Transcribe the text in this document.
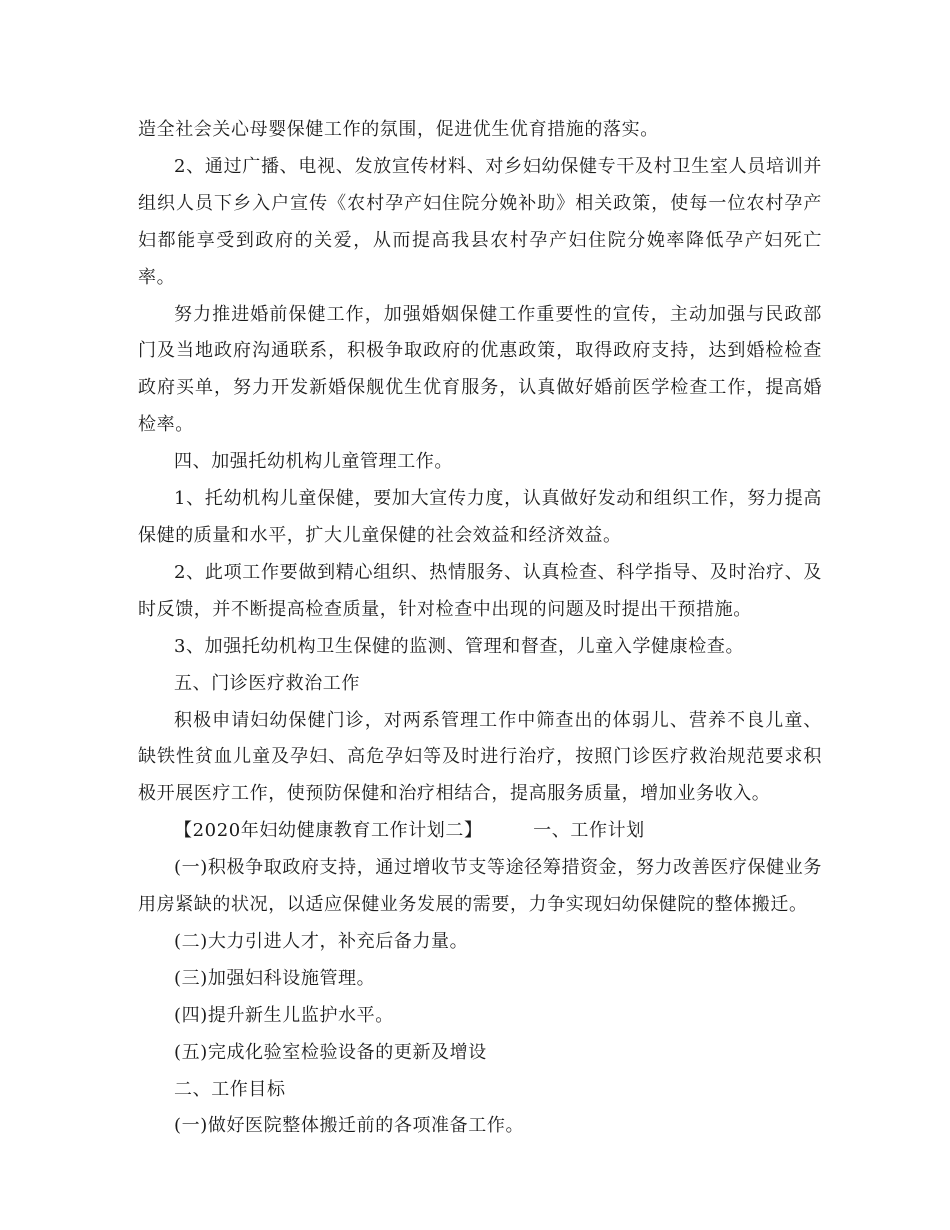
造全社会关心母婴保健工作的氛围，促进优生优育措施的落实。

2、通过广播、电视、发放宣传材料、对乡妇幼保健专干及村卫生室人员培训并组织人员下乡入户宣传《农村孕产妇住院分娩补助》相关政策，使每一位农村孕产妇都能享受到政府的关爱，从而提高我县农村孕产妇住院分娩率降低孕产妇死亡率。

努力推进婚前保健工作，加强婚姻保健工作重要性的宣传，主动加强与民政部门及当地政府沟通联系，积极争取政府的优惠政策，取得政府支持，达到婚检检查政府买单，努力开发新婚保舰优生优育服务，认真做好婚前医学检查工作，提高婚检率。

四、加强托幼机构儿童管理工作。

1、托幼机构儿童保健，要加大宣传力度，认真做好发动和组织工作，努力提高保健的质量和水平，扩大儿童保健的社会效益和经济效益。

2、此项工作要做到精心组织、热情服务、认真检查、科学指导、及时治疗、及时反馈，并不断提高检查质量，针对检查中出现的问题及时提出干预措施。

3、加强托幼机构卫生保健的监测、管理和督查，儿童入学健康检查。

五、门诊医疗救治工作

积极申请妇幼保健门诊，对两系管理工作中筛查出的体弱儿、营养不良儿童、缺铁性贫血儿童及孕妇、高危孕妇等及时进行治疗，按照门诊医疗救治规范要求积极开展医疗工作，使预防保健和治疗相结合，提高服务质量，增加业务收入。

【2020年妇幼健康教育工作计划二】        一、工作计划

(一)积极争取政府支持，通过增收节支等途径筹措资金，努力改善医疗保健业务用房紧缺的状况，以适应保健业务发展的需要，力争实现妇幼保健院的整体搬迁。

(二)大力引进人才，补充后备力量。

(三)加强妇科设施管理。

(四)提升新生儿监护水平。

(五)完成化验室检验设备的更新及增设

二、工作目标

(一)做好医院整体搬迁前的各项准备工作。
